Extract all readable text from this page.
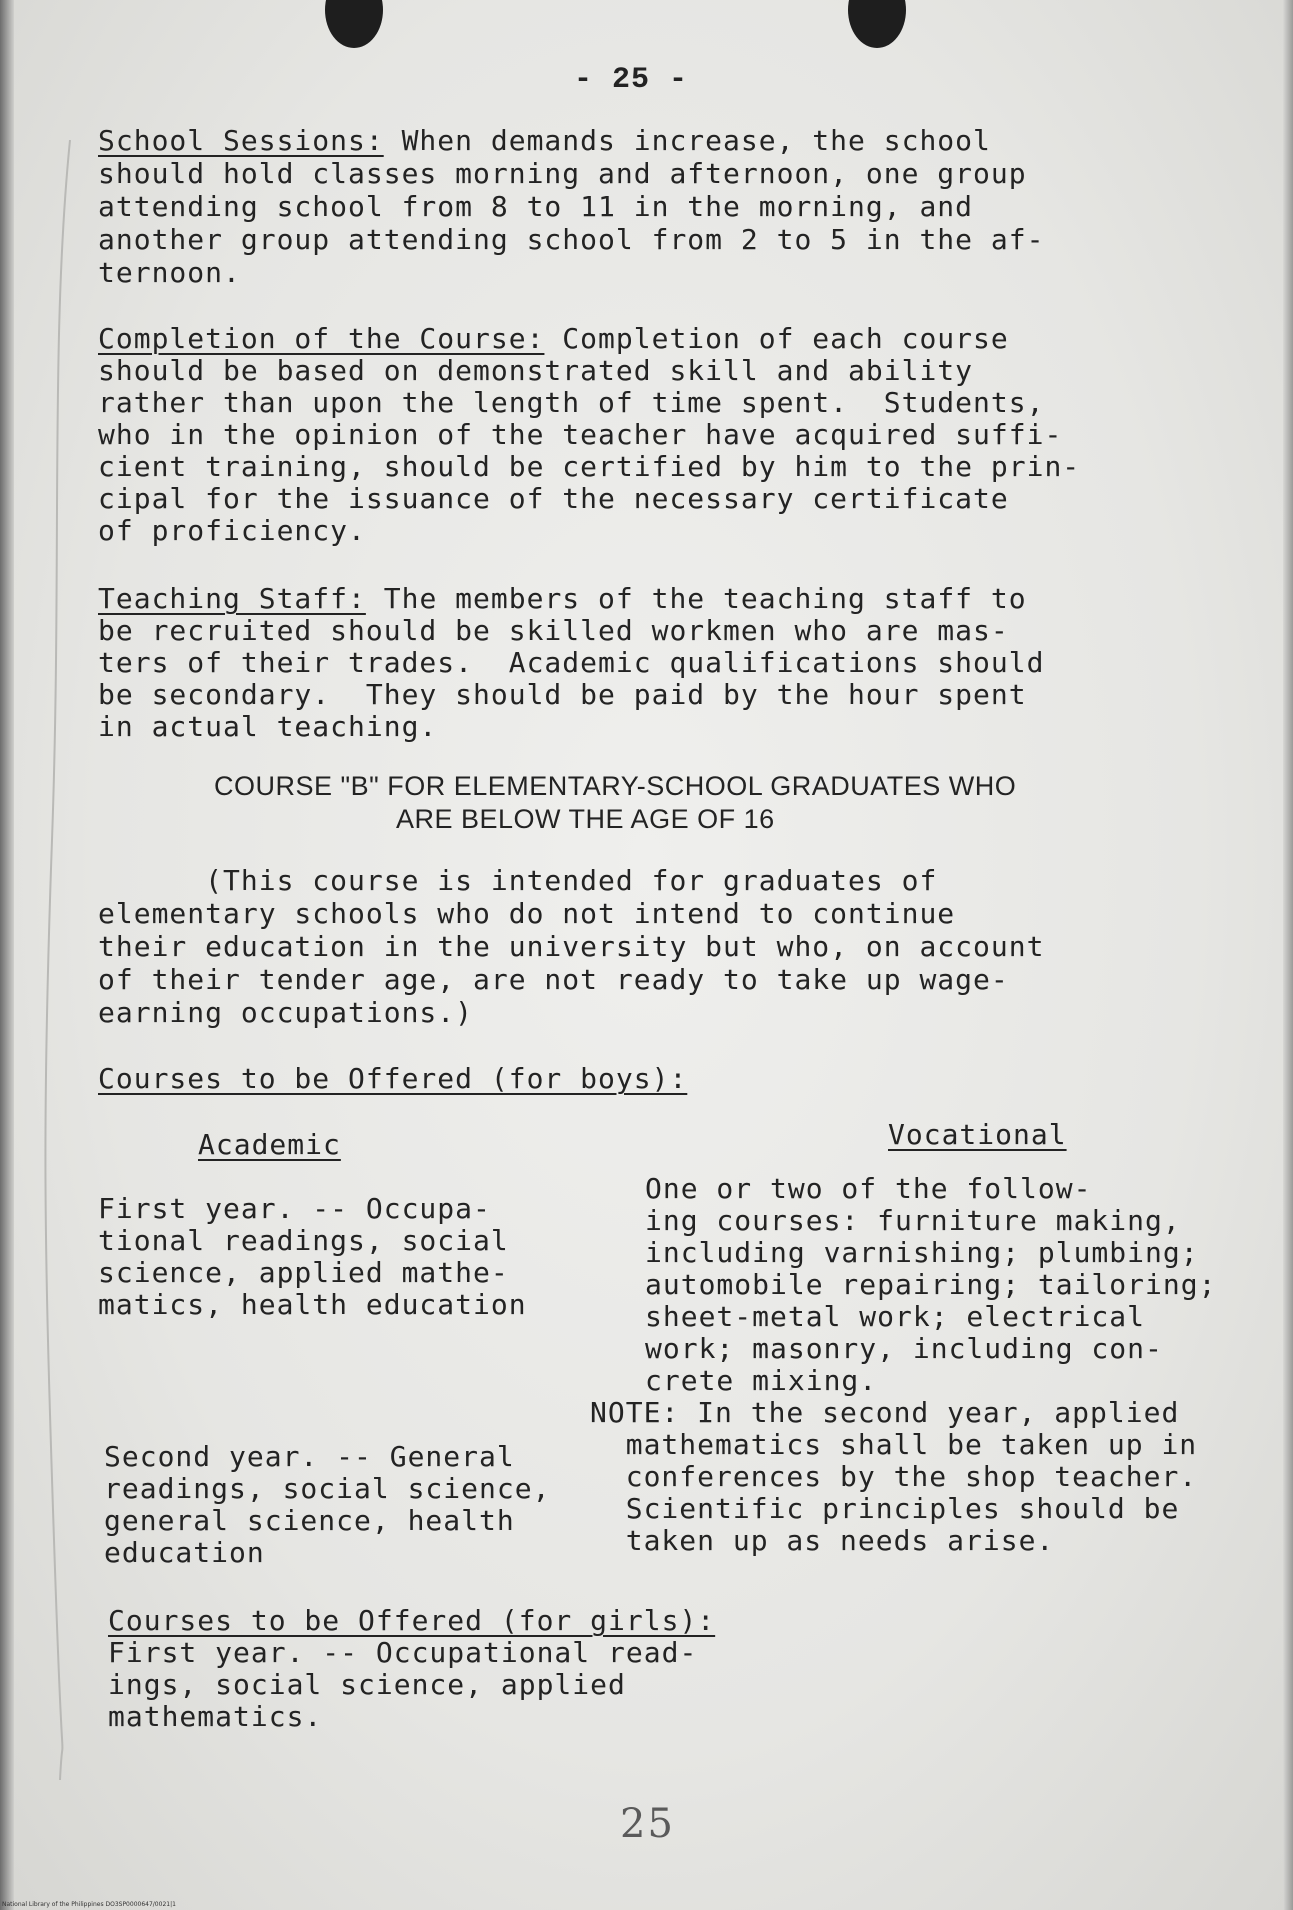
- 25 -
School Sessions: When demands increase, the school
should hold classes morning and afternoon, one group
attending school from 8 to 11 in the morning, and
another group attending school from 2 to 5 in the af-
ternoon.
Completion of the Course: Completion of each course
should be based on demonstrated skill and ability
rather than upon the length of time spent.  Students,
who in the opinion of the teacher have acquired suffi-
cient training, should be certified by him to the prin-
cipal for the issuance of the necessary certificate
of proficiency.
Teaching Staff: The members of the teaching staff to
be recruited should be skilled workmen who are mas-
ters of their trades.  Academic qualifications should
be secondary.  They should be paid by the hour spent
in actual teaching.
COURSE "B" FOR ELEMENTARY-SCHOOL GRADUATES WHO
ARE BELOW THE AGE OF 16
(This course is intended for graduates of
elementary schools who do not intend to continue
their education in the university but who, on account
of their tender age, are not ready to take up wage-
earning occupations.)
Courses to be Offered (for boys):
Academic	Vocational
First year. -- Occupa-
tional readings, social
science, applied mathe-
matics, health education
One or two of the follow-
ing courses: furniture making,
including varnishing; plumbing;
automobile repairing; tailoring;
sheet-metal work; electrical
work; masonry, including con-
crete mixing.
NOTE: In the second year, applied
mathematics shall be taken up in
conferences by the shop teacher.
Scientific principles should be
taken up as needs arise.
Second year. -- General
readings, social science,
general science, health
education
Courses to be Offered (for girls):
First year. -- Occupational read-
ings, social science, applied
mathematics.
25
National Library of the Philippines DO3SP0000647/0021|1
